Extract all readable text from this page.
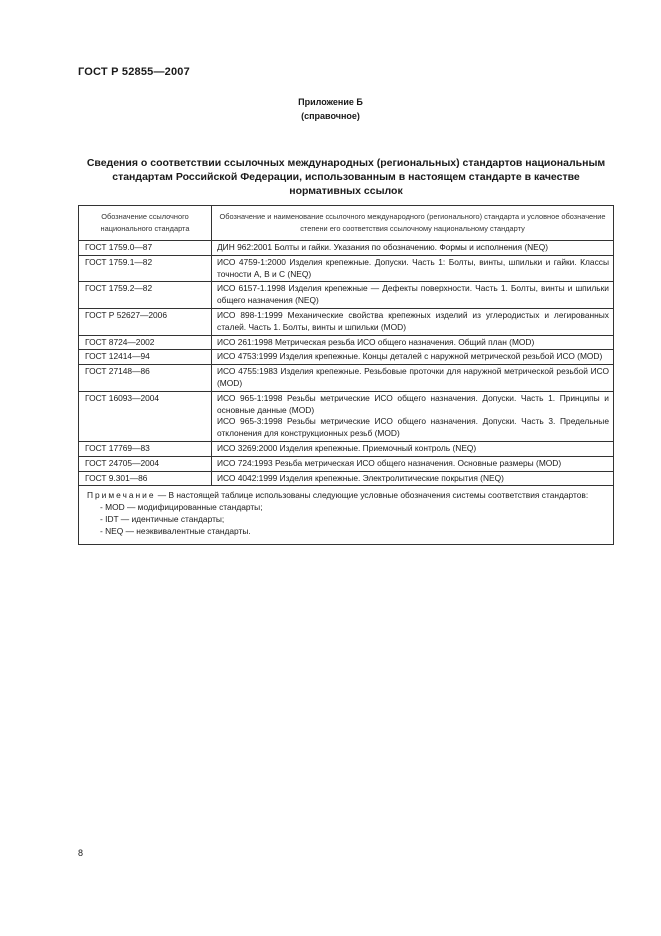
ГОСТ Р 52855—2007
Приложение Б
(справочное)
Сведения о соответствии ссылочных международных (региональных) стандартов национальным стандартам Российской Федерации, использованным в настоящем стандарте в качестве нормативных ссылок
Обозначение ссылочного национального стандарта	Обозначение и наименование ссылочного международного (регионального) стандарта и условное обозначение степени его соответствия ссылочному национальному стандарту
ГОСТ 1759.0—87	ДИН 962:2001 Болты и гайки. Указания по обозначению. Формы и исполнения (NEQ)
ГОСТ 1759.1—82	ИСО 4759-1:2000 Изделия крепежные. Допуски. Часть 1: Болты, винты, шпильки и гайки. Классы точности А, В и С (NEQ)
ГОСТ 1759.2—82	ИСО 6157-1.1998 Изделия крепежные — Дефекты поверхности. Часть 1. Болты, винты и шпильки общего назначения (NEQ)
ГОСТ Р 52627—2006	ИСО 898-1:1999 Механические свойства крепежных изделий из углеродистых и легированных сталей. Часть 1. Болты, винты и шпильки (MOD)
ГОСТ 8724—2002	ИСО 261:1998 Метрическая резьба ИСО общего назначения. Общий план (MOD)
ГОСТ 12414—94	ИСО 4753:1999 Изделия крепежные. Концы деталей с наружной метрической резьбой ИСО (MOD)
ГОСТ 27148—86	ИСО 4755:1983 Изделия крепежные. Резьбовые проточки для наружной метрической резьбой ИСО (MOD)
ГОСТ 16093—2004	ИСО 965-1:1998 Резьбы метрические ИСО общего назначения. Допуски. Часть 1. Принципы и основные данные (MOD)
ИСО 965-3:1998 Резьбы метрические ИСО общего назначения. Допуски. Часть 3. Предельные отклонения для конструкционных резьб (MOD)

ГОСТ 17769—83	ИСО 3269:2000 Изделия крепежные. Приемочный контроль (NEQ)
ГОСТ 24705—2004	ИСО 724:1993 Резьба метрическая ИСО общего назначения. Основные размеры (MOD)
ГОСТ 9.301—86	ИСО 4042:1999 Изделия крепежные. Электролитические покрытия (NEQ)

Примечание — В настоящей таблице использованы следующие условные обозначения системы соответствия стандартов:
- MOD — модифицированные стандарты;
- IDT — идентичные стандарты;
- NEQ — неэквивалентные стандарты.	
8
